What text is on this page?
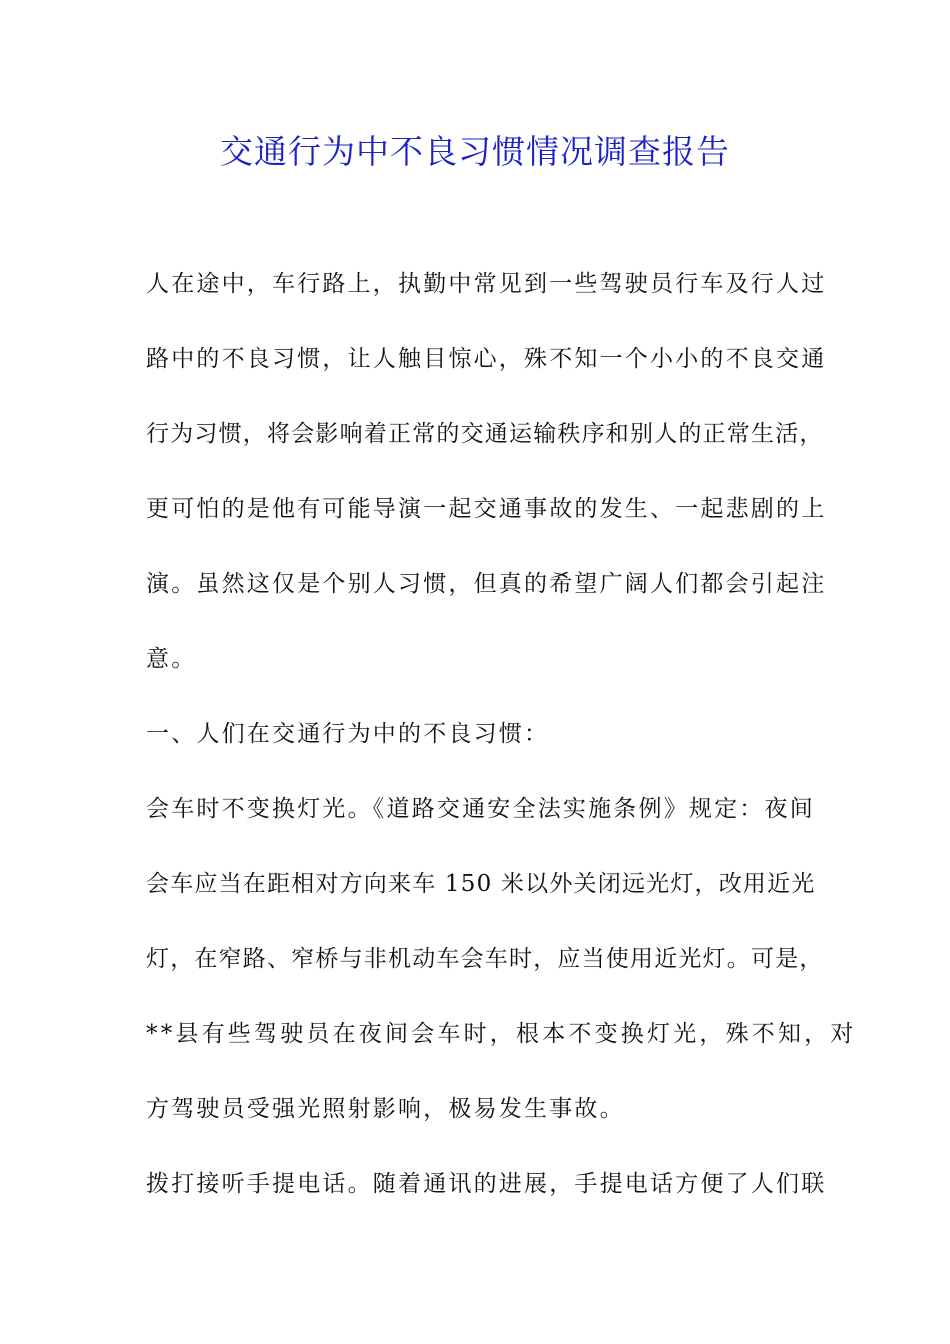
交通行为中不良习惯情况调查报告
人在途中，车行路上，执勤中常见到一些驾驶员行车及行人过
路中的不良习惯，让人触目惊心，殊不知一个小小的不良交通
行为习惯，将会影响着正常的交通运输秩序和别人的正常生活，
更可怕的是他有可能导演一起交通事故的发生、一起悲剧的上
演。虽然这仅是个别人习惯，但真的希望广阔人们都会引起注
意。
一、人们在交通行为中的不良习惯：
会车时不变换灯光。《道路交通安全法实施条例》规定：夜间
会车应当在距相对方向来车 150 米以外关闭远光灯，改用近光
灯，在窄路、窄桥与非机动车会车时，应当使用近光灯。可是，
**县有些驾驶员在夜间会车时，根本不变换灯光，殊不知，对
方驾驶员受强光照射影响，极易发生事故。
拨打接听手提电话。随着通讯的进展，手提电话方便了人们联
